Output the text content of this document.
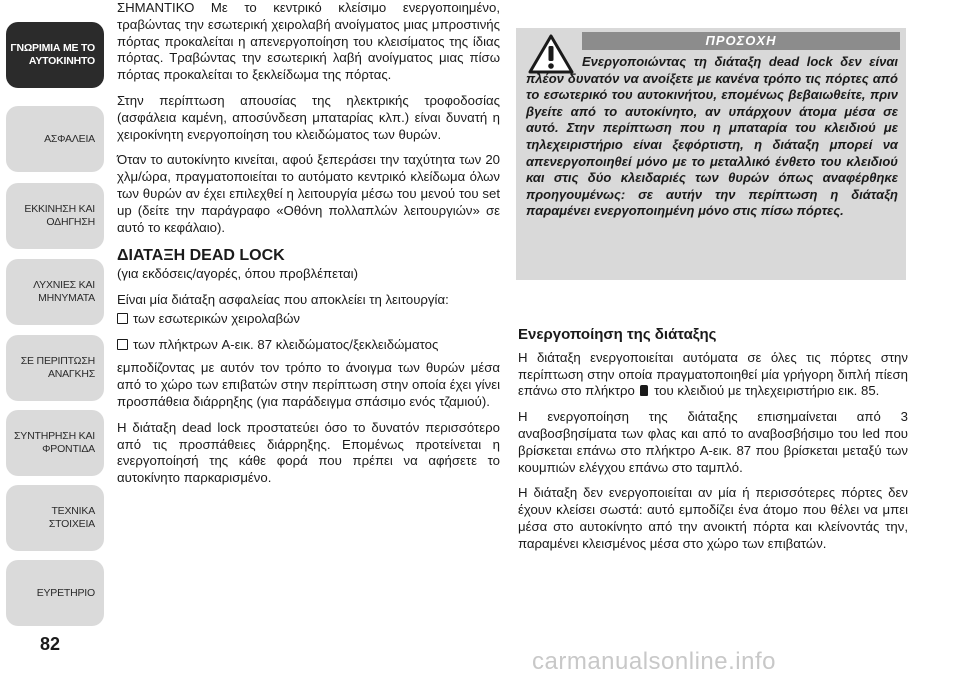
ΓΝΩΡΙΜΙΑ ΜΕ ΤΟ
ΑΥΤΟΚΙΝΗΤΟ
ΑΣΦΑΛΕΙΑ
ΕΚΚΙΝΗΣΗ ΚΑΙ
ΟΔΗΓΗΣΗ
ΛΥΧΝΙΕΣ ΚΑΙ
ΜΗΝΥΜΑΤΑ
ΣΕ ΠΕΡΙΠΤΩΣΗ
ΑΝΑΓΚΗΣ
ΣΥΝΤΗΡΗΣΗ ΚΑΙ
ΦΡΟΝΤΙΔΑ
ΤΕΧΝΙΚΑ ΣΤΟΙΧΕΙΑ
ΕΥΡΕΤΗΡΙΟ
82

ΣΗΜΑΝΤΙΚΟ Με το κεντρικό κλείσιμο ενεργοποιημένο, τραβώντας την εσωτερική χειρολαβή ανοίγματος μιας μπροστινής πόρτας προκαλείται η απενεργοποίηση του κλεισίματος της ίδιας πόρτας. Τραβώντας την εσωτερική λαβή ανοίγματος μιας πίσω πόρτας προκαλείται το ξεκλείδωμα της πόρτας.

Στην περίπτωση απουσίας της ηλεκτρικής τροφοδοσίας (ασφάλεια καμένη, αποσύνδεση μπαταρίας κλπ.) είναι δυνατή η χειροκίνητη ενεργοποίηση του κλειδώματος των θυρών.

Όταν το αυτοκίνητο κινείται, αφού ξεπεράσει την ταχύτητα των 20 χλμ/ώρα, πραγματοποιείται το αυτόματο κεντρικό κλείδωμα όλων των θυρών αν έχει επιλεχθεί η λειτουργία μέσω του μενού του set up (δείτε την παράγραφο «Οθόνη πολλαπλών λειτουργιών» σε αυτό το κεφάλαιο).

ΔΙΑΤΑΞΗ DEAD LOCK

(για εκδόσεις/αγορές, όπου προβλέπεται)

Είναι μία διάταξη ασφαλείας που αποκλείει τη λειτουργία:

των εσωτερικών χειρολαβών

των πλήκτρων A-εικ. 87 κλειδώματος/ξεκλειδώματος

εμποδίζοντας με αυτόν τον τρόπο το άνοιγμα των θυρών μέσα από το χώρο των επιβατών στην περίπτωση στην οποία έχει γίνει προσπάθεια διάρρηξης (για παράδειγμα σπάσιμο ενός τζαμιού).

Η διάταξη dead lock προστατεύει όσο το δυνατόν περισσότερο από τις προσπάθειες διάρρηξης. Επομένως προτείνεται η ενεργοποίησή της κάθε φορά που πρέπει να αφήσετε το αυτοκίνητο παρκαρισμένο.

ΠΡΟΣΟΧΗ
Ενεργοποιώντας τη διάταξη dead lock δεν είναι πλέον δυνατόν να ανοίξετε με κανένα τρόπο τις πόρτες από το εσωτερικό του αυτοκινήτου, επομένως βεβαιωθείτε, πριν βγείτε από το αυτοκίνητο, αν υπάρχουν άτομα μέσα σε αυτό. Στην περίπτωση που η μπαταρία του κλειδιού με τηλεχειριστήριο είναι ξεφόρτιστη, η διάταξη μπορεί να απενεργοποιηθεί μόνο με το μεταλλικό ένθετο του κλειδιού και στις δύο κλειδαριές των θυρών όπως αναφέρθηκε προηγουμένως: σε αυτήν την περίπτωση η διάταξη παραμένει ενεργοποιημένη μόνο στις πίσω πόρτες.
Ενεργοποίηση της διάταξης

Η διάταξη ενεργοποιείται αυτόματα σε όλες τις πόρτες στην περίπτωση στην οποία πραγματοποιηθεί μία γρήγορη διπλή πίεση επάνω στο πλήκτρο του κλειδιού με τηλεχειριστήριο εικ. 85.

Η ενεργοποίηση της διάταξης επισημαίνεται από 3 αναβοσβησίματα των φλας και από το αναβοσβήσιμο του led που βρίσκεται επάνω στο πλήκτρο A-εικ. 87 που βρίσκεται μεταξύ των κουμπιών ελέγχου επάνω στο ταμπλό.

Η διάταξη δεν ενεργοποιείται αν μία ή περισσότερες πόρτες δεν έχουν κλείσει σωστά: αυτό εμποδίζει ένα άτομο που θέλει να μπει μέσα στο αυτοκίνητο από την ανοικτή πόρτα και κλείνοντάς την, παραμένει κλεισμένος μέσα στο χώρο των επιβατών.

carmanualsonline.info
